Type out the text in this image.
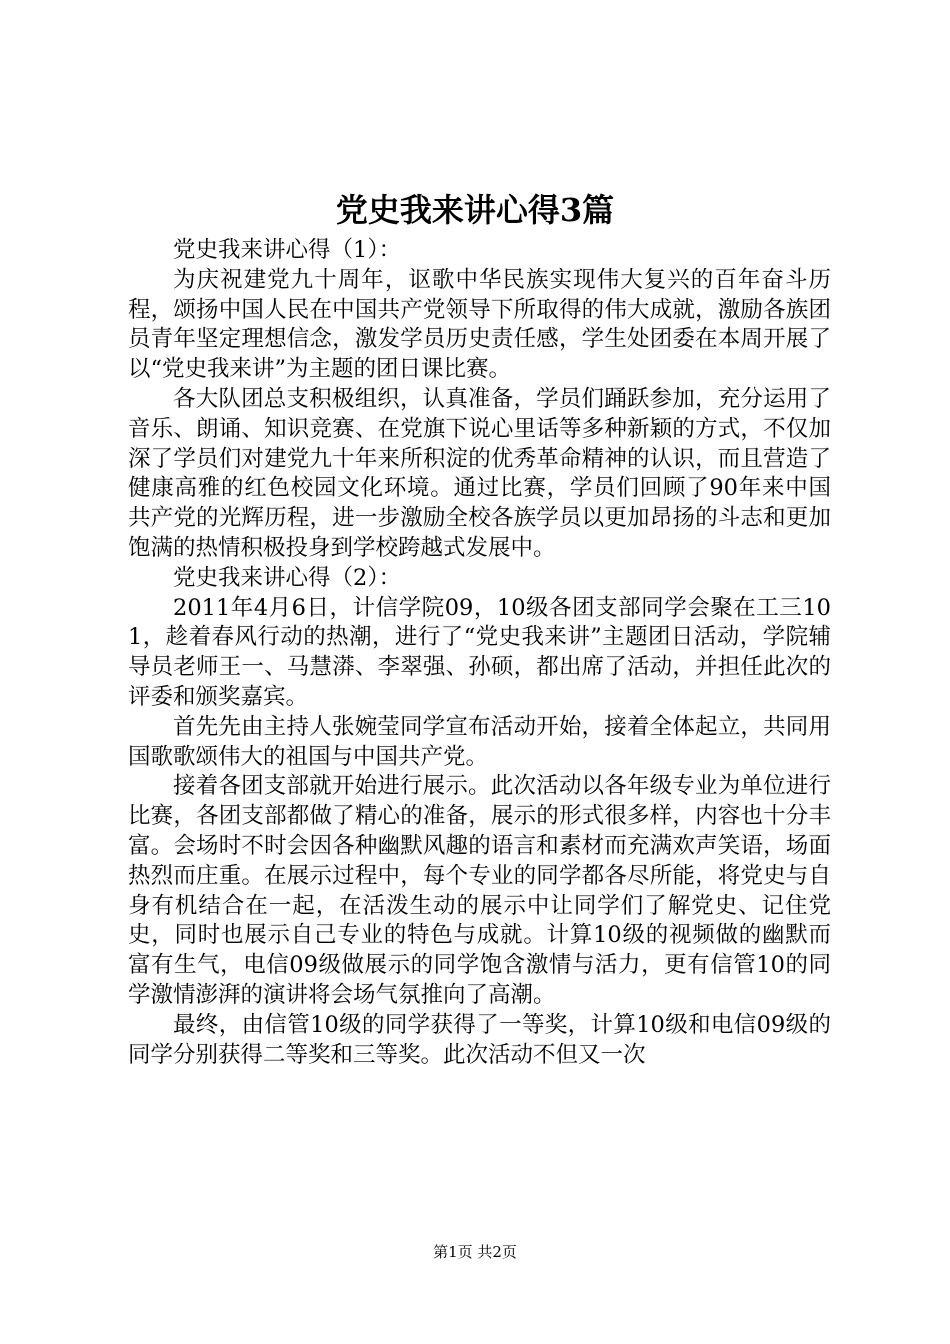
党史我来讲心得3篇

党史我来讲心得（1）：

为庆祝建党九十周年，讴歌中华民族实现伟大复兴的百年奋斗历程，颂扬中国人民在中国共产党领导下所取得的伟大成就，激励各族团员青年坚定理想信念，激发学员历史责任感，学生处团委在本周开展了以“党史我来讲”为主题的团日课比赛。

各大队团总支积极组织，认真准备，学员们踊跃参加，充分运用了音乐、朗诵、知识竞赛、在党旗下说心里话等多种新颖的方式，不仅加深了学员们对建党九十年来所积淀的优秀革命精神的认识，而且营造了健康高雅的红色校园文化环境。通过比赛，学员们回顾了90年来中国共产党的光辉历程，进一步激励全校各族学员以更加昂扬的斗志和更加饱满的热情积极投身到学校跨越式发展中。

党史我来讲心得（2）：

2011年4月6日，计信学院09，10级各团支部同学会聚在工三101，趁着春风行动的热潮，进行了“党史我来讲”主题团日活动，学院辅导员老师王一、马慧漭、李翠强、孙硕，都出席了活动，并担任此次的评委和颁奖嘉宾。

首先先由主持人张婉莹同学宣布活动开始，接着全体起立，共同用国歌歌颂伟大的祖国与中国共产党。

接着各团支部就开始进行展示。此次活动以各年级专业为单位进行比赛，各团支部都做了精心的准备，展示的形式很多样，内容也十分丰富。会场时不时会因各种幽默风趣的语言和素材而充满欢声笑语，场面热烈而庄重。在展示过程中，每个专业的同学都各尽所能，将党史与自身有机结合在一起，在活泼生动的展示中让同学们了解党史、记住党史，同时也展示自己专业的特色与成就。计算10级的视频做的幽默而富有生气，电信09级做展示的同学饱含激情与活力，更有信管10的同学激情澎湃的演讲将会场气氛推向了高潮。

最终，由信管10级的同学获得了一等奖，计算10级和电信09级的同学分别获得二等奖和三等奖。此次活动不但又一次

第1页 共2页
